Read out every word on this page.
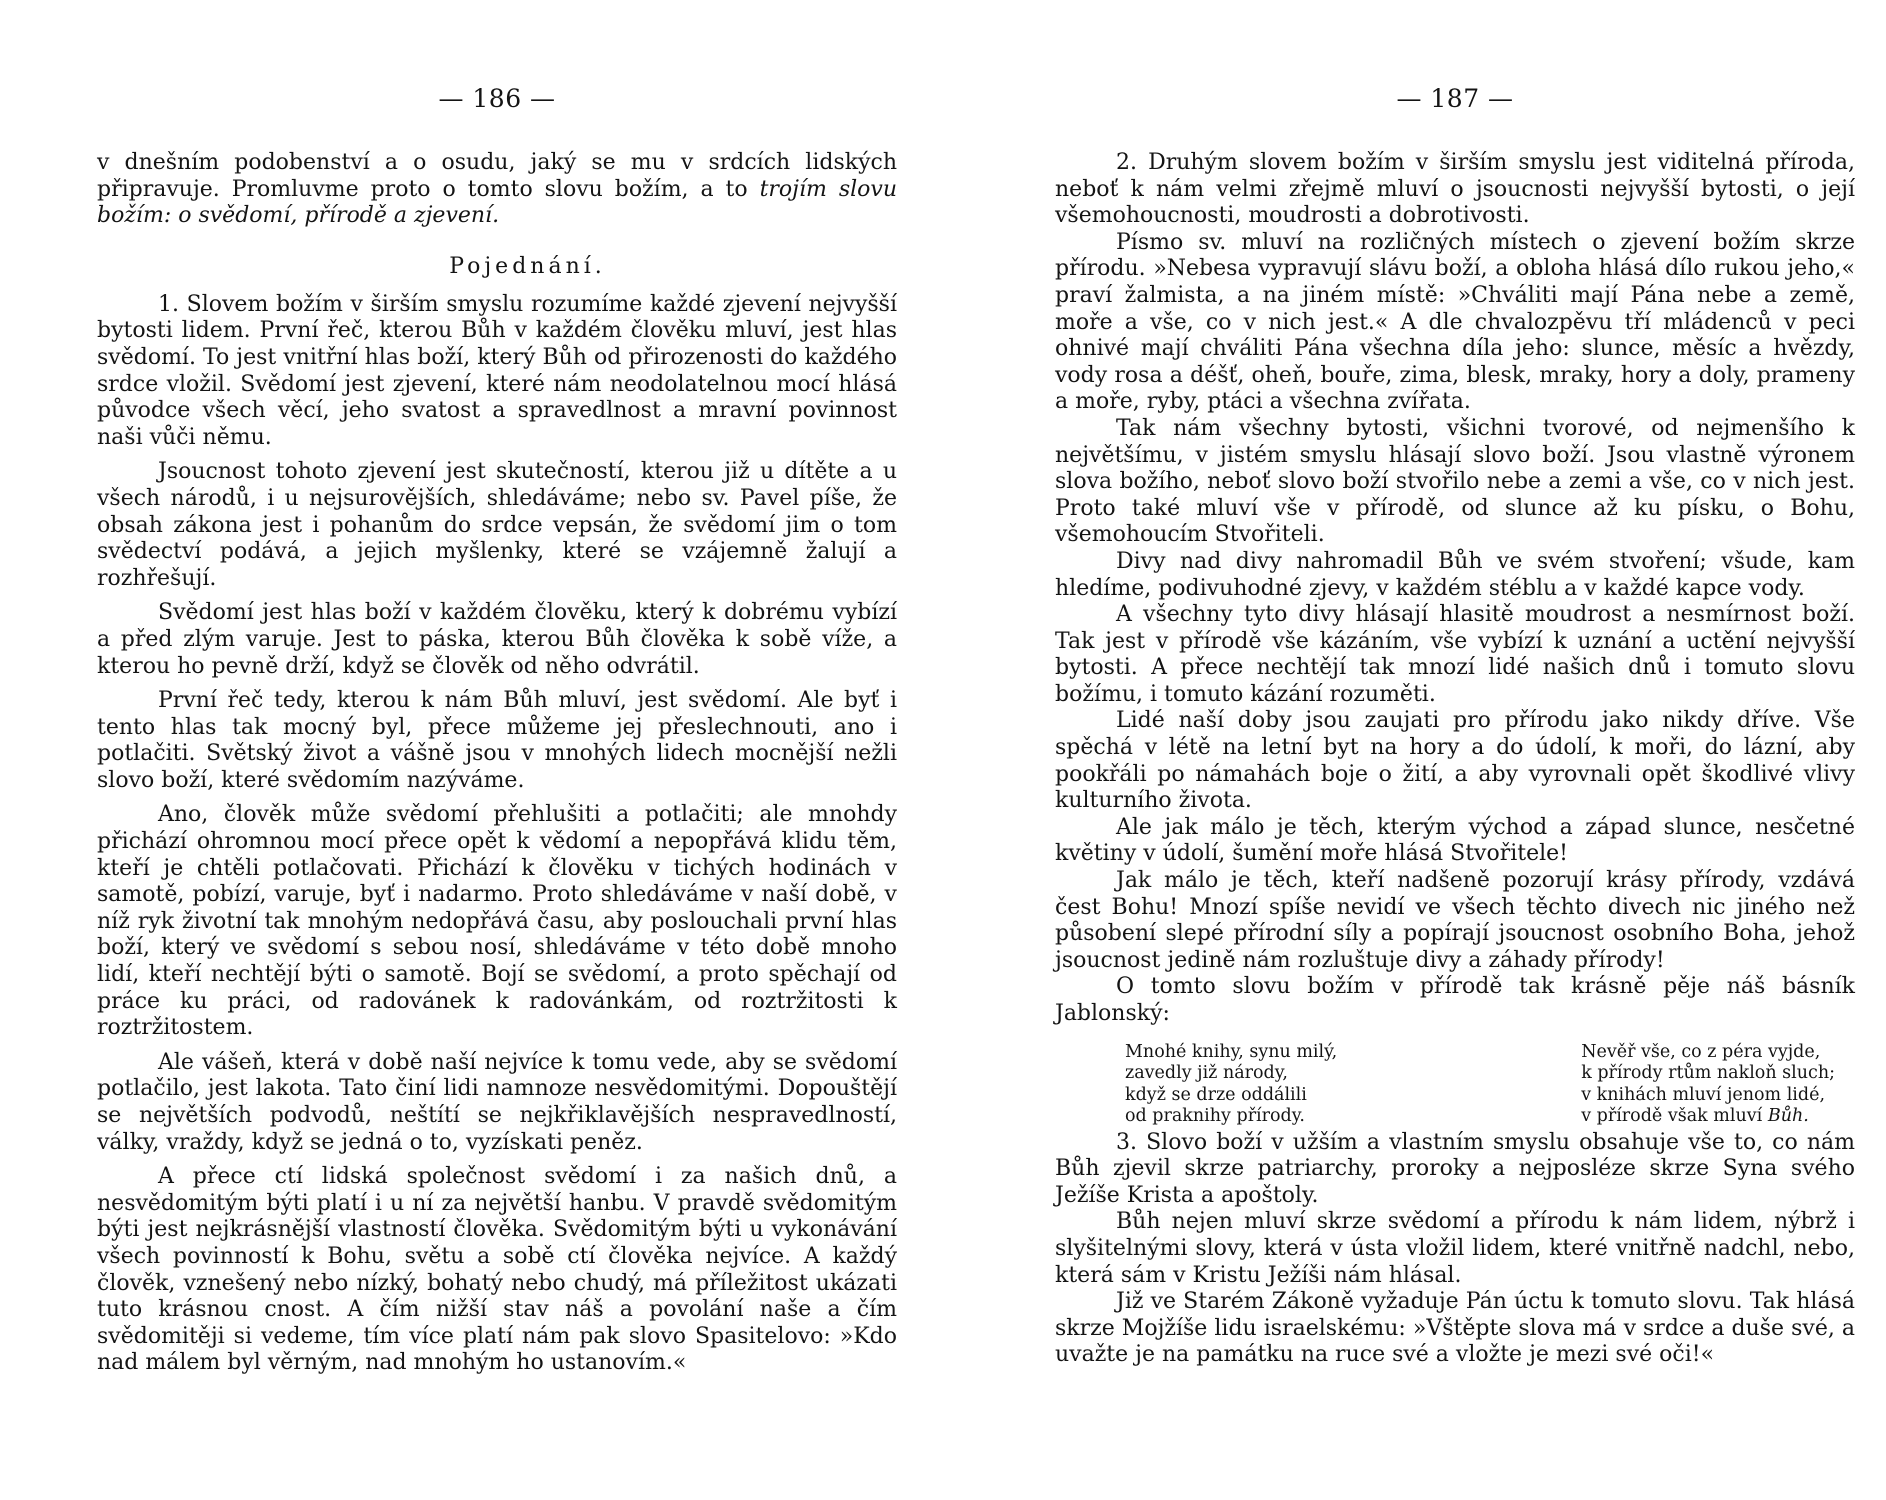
— 186 —

v dnešním podobenství a o osudu, jaký se mu v srdcích lidských připravuje. Promluvme proto o tomto slovu božím, a to trojím slovu božím: o svědomí, přírodě a zjevení.

Pojednání.

1. Slovem božím v širším smyslu rozumíme každé zjevení nejvyšší bytosti lidem. První řeč, kterou Bůh v každém člověku mluví, jest hlas svědomí. To jest vnitřní hlas boží, který Bůh od přirozenosti do každého srdce vložil. Svědomí jest zjevení, které nám neodolatelnou mocí hlásá původce všech věcí, jeho svatost a spravedlnost a mravní povinnost naši vůči němu.

Jsoucnost tohoto zjevení jest skutečností, kterou již u dítěte a u všech národů, i u nejsurovějších, shledáváme; nebo sv. Pavel píše, že obsah zákona jest i pohanům do srdce vepsán, že svědomí jim o tom svědectví podává, a jejich myšlenky, které se vzájemně žalují a rozhřešují.

Svědomí jest hlas boží v každém člověku, který k dobrému vybízí a před zlým varuje. Jest to páska, kterou Bůh člověka k sobě víže, a kterou ho pevně drží, když se člověk od něho odvrátil.

První řeč tedy, kterou k nám Bůh mluví, jest svědomí. Ale byť i tento hlas tak mocný byl, přece můžeme jej přeslechnouti, ano i potlačiti. Světský život a vášně jsou v mnohých lidech mocnější nežli slovo boží, které svědomím nazýváme.

Ano, člověk může svědomí přehlušiti a potlačiti; ale mnohdy přichází ohromnou mocí přece opět k vědomí a nepopřává klidu těm, kteří je chtěli potlačovati. Přichází k člověku v tichých hodinách v samotě, pobízí, varuje, byť i nadarmo. Proto shledáváme v naší době, v níž ryk životní tak mnohým nedopřává času, aby poslouchali první hlas boží, který ve svědomí s sebou nosí, shledáváme v této době mnoho lidí, kteří nechtějí býti o samotě. Bojí se svědomí, a proto spěchají od práce ku práci, od radovánek k radovánkám, od roztržitosti k roztržitostem.

Ale vášeň, která v době naší nejvíce k tomu vede, aby se svědomí potlačilo, jest lakota. Tato činí lidi namnoze nesvědomitými. Dopouštějí se největších podvodů, neštítí se nejkřiklavějších nespravedlností, války, vraždy, když se jedná o to, vyzískati peněz.

A přece ctí lidská společnost svědomí i za našich dnů, a nesvědomitým býti platí i u ní za největší hanbu. V pravdě svědomitým býti jest nejkrásnější vlastností člověka. Svědomitým býti u vykonávání všech povinností k Bohu, světu a sobě ctí člověka nejvíce. A každý člověk, vznešený nebo nízký, bohatý nebo chudý, má příležitost ukázati tuto krásnou cnost. A čím nižší stav náš a povolání naše a čím svědomitěji si vedeme, tím více platí nám pak slovo Spasitelovo: »Kdo nad málem byl věrným, nad mnohým ho ustanovím.«

— 187 —

2. Druhým slovem božím v širším smyslu jest viditelná příroda, neboť k nám velmi zřejmě mluví o jsoucnosti nejvyšší bytosti, o její všemohoucnosti, moudrosti a dobrotivosti.

Písmo sv. mluví na rozličných místech o zjevení božím skrze přírodu. »Nebesa vypravují slávu boží, a obloha hlásá dílo rukou jeho,« praví žalmista, a na jiném místě: »Chváliti mají Pána nebe a země, moře a vše, co v nich jest.« A dle chvalozpěvu tří mládenců v peci ohnivé mají chváliti Pána všechna díla jeho: slunce, měsíc a hvězdy, vody rosa a déšť, oheň, bouře, zima, blesk, mraky, hory a doly, prameny a moře, ryby, ptáci a všechna zvířata.

Tak nám všechny bytosti, všichni tvorové, od nejmenšího k největšímu, v jistém smyslu hlásají slovo boží. Jsou vlastně výronem slova božího, neboť slovo boží stvořilo nebe a zemi a vše, co v nich jest. Proto také mluví vše v přírodě, od slunce až ku písku, o Bohu, všemohoucím Stvořiteli.

Divy nad divy nahromadil Bůh ve svém stvoření; všude, kam hledíme, podivuhodné zjevy, v každém stéblu a v každé kapce vody.

A všechny tyto divy hlásají hlasitě moudrost a nesmírnost boží. Tak jest v přírodě vše kázáním, vše vybízí k uznání a uctění nejvyšší bytosti. A přece nechtějí tak mnozí lidé našich dnů i tomuto slovu božímu, i tomuto kázání rozuměti.

Lidé naší doby jsou zaujati pro přírodu jako nikdy dříve. Vše spěchá v létě na letní byt na hory a do údolí, k moři, do lázní, aby pookřáli po námahách boje o žití, a aby vyrovnali opět škodlivé vlivy kulturního života.

Ale jak málo je těch, kterým východ a západ slunce, nesčetné květiny v údolí, šumění moře hlásá Stvořitele!

Jak málo je těch, kteří nadšeně pozorují krásy přírody, vzdává čest Bohu! Mnozí spíše nevidí ve všech těchto divech nic jiného než působení slepé přírodní síly a popírají jsoucnost osobního Boha, jehož jsoucnost jedině nám rozluštuje divy a záhady přírody!

O tomto slovu božím v přírodě tak krásně pěje náš básník Jablonský:

Mnohé knihy, synu milý,
zavedly již národy,
když se drze oddálili
od praknihy přírody.
Nevěř vše, co z péra vyjde,
k přírody rtům nakloň sluch;
v knihách mluví jenom lidé,
v přírodě však mluví Bůh.

3. Slovo boží v užším a vlastním smyslu obsahuje vše to, co nám Bůh zjevil skrze patriarchy, proroky a nejposléze skrze Syna svého Ježíše Krista a apoštoly.

Bůh nejen mluví skrze svědomí a přírodu k nám lidem, nýbrž i slyšitelnými slovy, která v ústa vložil lidem, které vnitřně nadchl, nebo, která sám v Kristu Ježíši nám hlásal.

Již ve Starém Zákoně vyžaduje Pán úctu k tomuto slovu. Tak hlásá skrze Mojžíše lidu israelskému: »Vštěpte slova má v srdce a duše své, a uvažte je na památku na ruce své a vložte je mezi své oči!«
